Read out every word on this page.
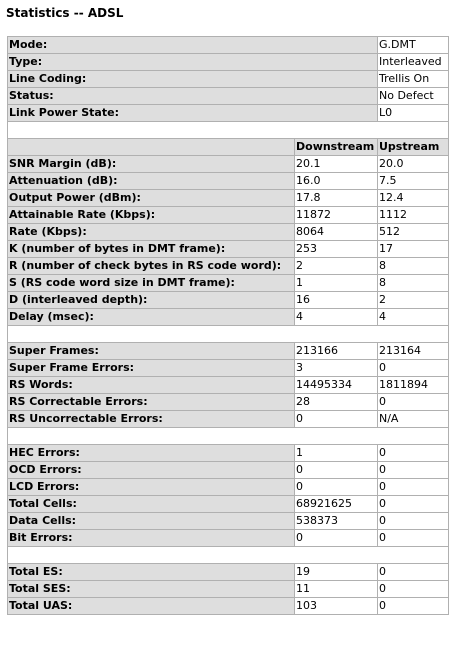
Statistics -- ADSL
Mode:		G.DMT
Type:		Interleaved
Line Coding:		Trellis On
Status:		No Defect
Link Power State:		L0

	Downstream	Upstream
SNR Margin (dB):	20.1	20.0
Attenuation (dB):	16.0	7.5
Output Power (dBm):	17.8	12.4
Attainable Rate (Kbps):	11872	1112
Rate (Kbps):	8064	512
K (number of bytes in DMT frame):	253	17
R (number of check bytes in RS code word):	2	8
S (RS code word size in DMT frame):	1	8
D (interleaved depth):	16	2
Delay (msec):	4	4

Super Frames:	213166	213164
Super Frame Errors:	3	0
RS Words:	14495334	1811894
RS Correctable Errors:	28	0
RS Uncorrectable Errors:	0	N/A

HEC Errors:	1	0
OCD Errors:	0	0
LCD Errors:	0	0
Total Cells:	68921625	0
Data Cells:	538373	0
Bit Errors:	0	0

Total ES:	19	0
Total SES:	11	0
Total UAS:	103	0
